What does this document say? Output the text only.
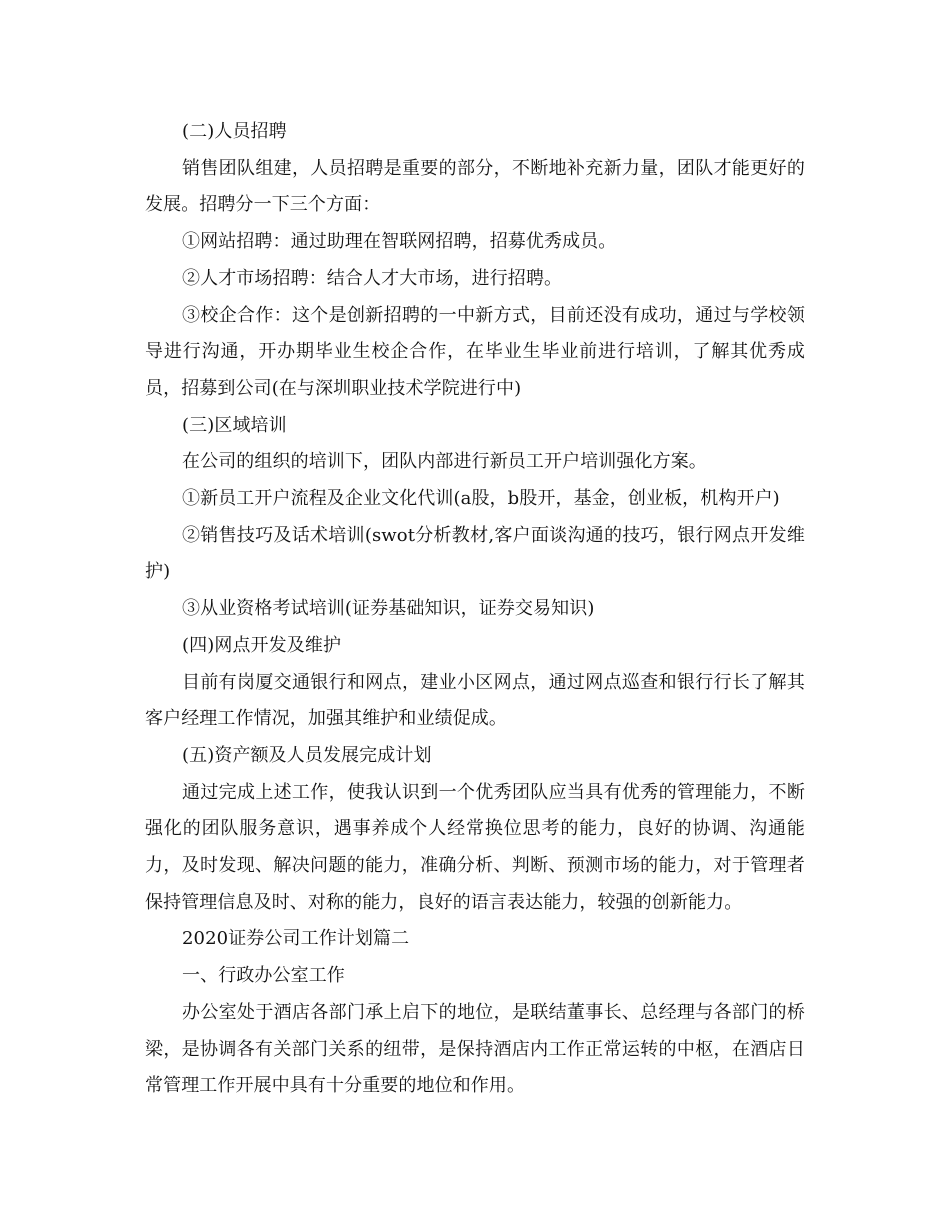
(二)人员招聘

销售团队组建，人员招聘是重要的部分，不断地补充新力量，团队才能更好的发展。招聘分一下三个方面：

①网站招聘：通过助理在智联网招聘，招募优秀成员。

②人才市场招聘：结合人才大市场，进行招聘。

③校企合作：这个是创新招聘的一中新方式，目前还没有成功，通过与学校领导进行沟通，开办期毕业生校企合作，在毕业生毕业前进行培训，了解其优秀成员，招募到公司(在与深圳职业技术学院进行中)

(三)区域培训

在公司的组织的培训下，团队内部进行新员工开户培训强化方案。

①新员工开户流程及企业文化代训(a股，b股开，基金，创业板，机构开户)

②销售技巧及话术培训(swot分析教材,客户面谈沟通的技巧，银行网点开发维护)

③从业资格考试培训(证券基础知识，证券交易知识)

(四)网点开发及维护

目前有岗厦交通银行和网点，建业小区网点，通过网点巡查和银行行长了解其客户经理工作情况，加强其维护和业绩促成。

(五)资产额及人员发展完成计划

通过完成上述工作，使我认识到一个优秀团队应当具有优秀的管理能力，不断强化的团队服务意识，遇事养成个人经常换位思考的能力，良好的协调、沟通能力，及时发现、解决问题的能力，准确分析、判断、预测市场的能力，对于管理者保持管理信息及时、对称的能力，良好的语言表达能力，较强的创新能力。

2020证券公司工作计划篇二

一、行政办公室工作

办公室处于酒店各部门承上启下的地位，是联结董事长、总经理与各部门的桥梁，是协调各有关部门关系的纽带，是保持酒店内工作正常运转的中枢，在酒店日常管理工作开展中具有十分重要的地位和作用。
